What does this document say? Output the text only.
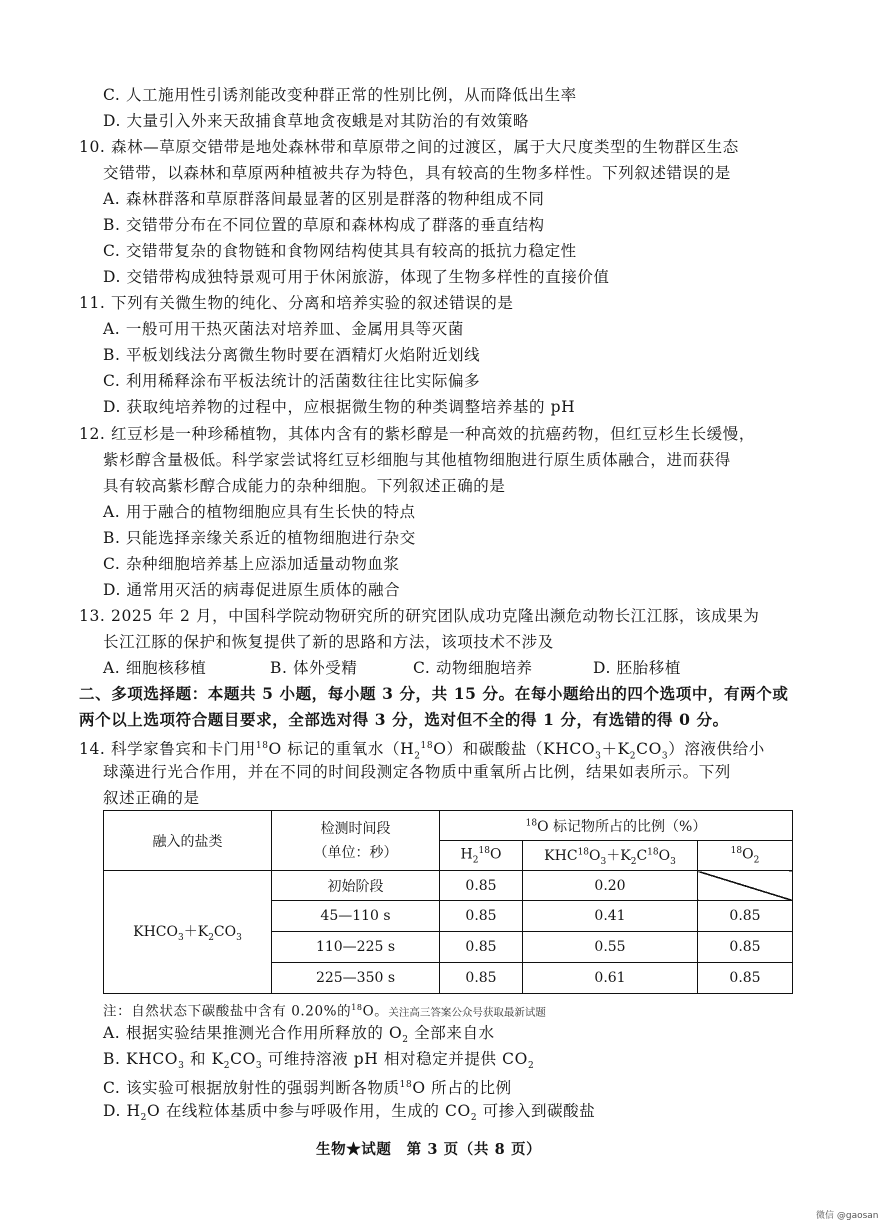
C. 人工施用性引诱剂能改变种群正常的性别比例，从而降低出生率
D. 大量引入外来天敌捕食草地贪夜蛾是对其防治的有效策略
10. 森林—草原交错带是地处森林带和草原带之间的过渡区，属于大尺度类型的生物群区生态
交错带，以森林和草原两种植被共存为特色，具有较高的生物多样性。下列叙述错误的是
A. 森林群落和草原群落间最显著的区别是群落的物种组成不同
B. 交错带分布在不同位置的草原和森林构成了群落的垂直结构
C. 交错带复杂的食物链和食物网结构使其具有较高的抵抗力稳定性
D. 交错带构成独特景观可用于休闲旅游，体现了生物多样性的直接价值
11. 下列有关微生物的纯化、分离和培养实验的叙述错误的是
A. 一般可用干热灭菌法对培养皿、金属用具等灭菌
B. 平板划线法分离微生物时要在酒精灯火焰附近划线
C. 利用稀释涂布平板法统计的活菌数往往比实际偏多
D. 获取纯培养物的过程中，应根据微生物的种类调整培养基的 pH
12. 红豆杉是一种珍稀植物，其体内含有的紫杉醇是一种高效的抗癌药物，但红豆杉生长缓慢，
紫杉醇含量极低。科学家尝试将红豆杉细胞与其他植物细胞进行原生质体融合，进而获得
具有较高紫杉醇合成能力的杂种细胞。下列叙述正确的是
A. 用于融合的植物细胞应具有生长快的特点
B. 只能选择亲缘关系近的植物细胞进行杂交
C. 杂种细胞培养基上应添加适量动物血浆
D. 通常用灭活的病毒促进原生质体的融合
13. 2025 年 2 月，中国科学院动物研究所的研究团队成功克隆出濒危动物长江江豚，该成果为
长江江豚的保护和恢复提供了新的思路和方法，该项技术不涉及
A. 细胞核移植	B. 体外受精	C. 动物细胞培养	D. 胚胎移植
二、多项选择题：本题共 5 小题，每小题 3 分，共 15 分。在每小题给出的四个选项中，有两个或
两个以上选项符合题目要求，全部选对得 3 分，选对但不全的得 1 分，有选错的得 0 分。
14. 科学家鲁宾和卡门用$^{18}$O 标记的重氧水$(H_2^{18}O)$和碳酸盐$(KHCO_3+K_2CO_3)$溶液供给小
球藻进行光合作用，并在不同的时间段测定各物质中重氧所占比例，结果如表所示。下列
叙述正确的是
融入的盐类	检测时间段
（单位：秒）	$^{18}$O 标记物所占的比例（%）		
		$H_2^{18}O$	$KHC^{18}O_3+K_2C^{18}O_3$	$^{18}O_2$
$KHCO_3+K_2CO_3$	初始阶段	0.85	0.20	
	45—110 s	0.85	0.41	0.85
	110—225 s	0.85	0.55	0.85
	225—350 s	0.85	0.61	0.85
注：自然状态下碳酸盐中含有 0.20%的$^{18}$O。关注高三答案公众号获取最新试题
A. 根据实验结果推测光合作用所释放的 $O_2$ 全部来自水
B. $KHCO_3$ 和 $K_2CO_3$ 可维持溶液 pH 相对稳定并提供 $CO_2$
C. 该实验可根据放射性的强弱判断各物质$^{18}$O 所占的比例
D. $H_2O$ 在线粒体基质中参与呼吸作用，生成的 $CO_2$ 可掺入到碳酸盐
生物★试题　第 3 页（共 8 页）
微信 @gaosan
